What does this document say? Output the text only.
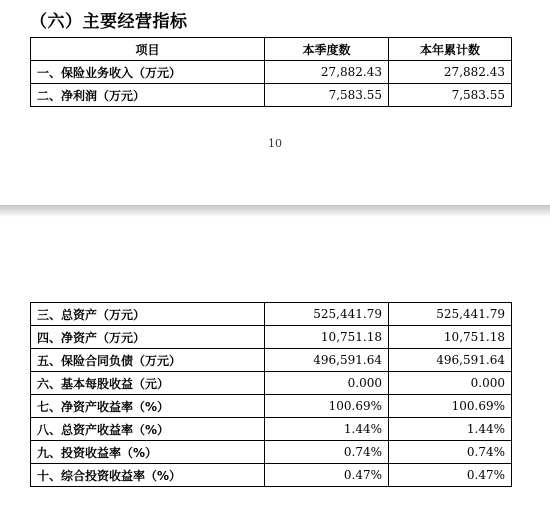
（六）主要经营指标
项目	本季度数	本年累计数
一、保险业务收入（万元）	27,882.43	27,882.43
二、净利润（万元）	7,583.55	7,583.55
10
三、总资产（万元）	525,441.79	525,441.79
四、净资产（万元）	10,751.18	10,751.18
五、保险合同负债（万元）	496,591.64	496,591.64
六、基本每股收益（元）	0.000	0.000
七、净资产收益率（%）	100.69%	100.69%
八、总资产收益率（%）	1.44%	1.44%
九、投资收益率（%）	0.74%	0.74%
十、综合投资收益率（%）	0.47%	0.47%
